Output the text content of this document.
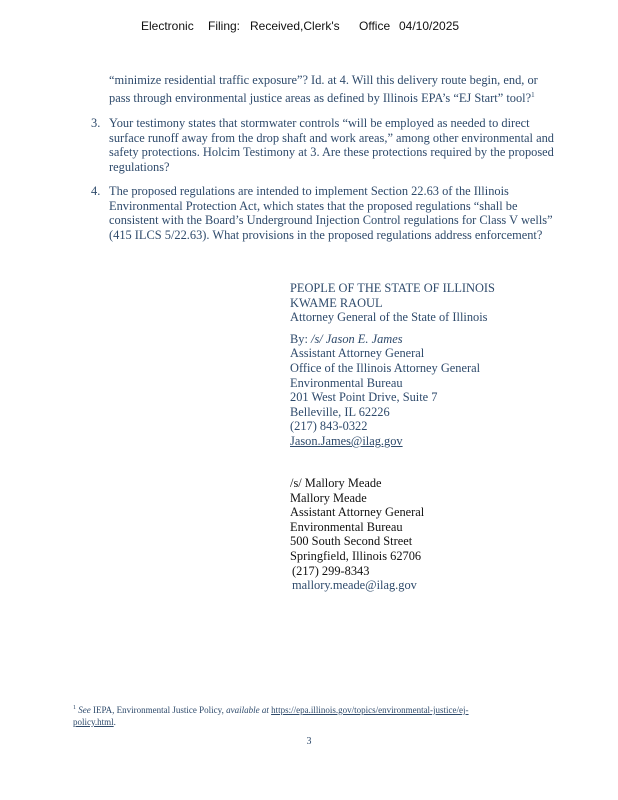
Electronic Filing: Received,Clerk's Office 04/10/2025
“minimize residential traffic exposure”? Id. at 4. Will this delivery route begin, end, or
pass through environmental justice areas as defined by Illinois EPA’s “EJ Start” tool?$^1$
3. Your testimony states that stormwater controls “will be employed as needed to direct
surface runoff away from the drop shaft and work areas,” among other environmental and
safety protections. Holcim Testimony at 3. Are these protections required by the proposed
regulations?
4. The proposed regulations are intended to implement Section 22.63 of the Illinois
Environmental Protection Act, which states that the proposed regulations “shall be
consistent with the Board’s Underground Injection Control regulations for Class V wells”
(415 ILCS 5/22.63). What provisions in the proposed regulations address enforcement?
PEOPLE OF THE STATE OF ILLINOIS
KWAME RAOUL
Attorney General of the State of Illinois
By: /s/ Jason E. James
Assistant Attorney General
Office of the Illinois Attorney General
Environmental Bureau
201 West Point Drive, Suite 7
Belleville, IL 62226
(217) 843-0322
Jason.James@ilag.gov
/s/ Mallory Meade
Mallory Meade
Assistant Attorney General
Environmental Bureau
500 South Second Street
Springfield, Illinois 62706
(217) 299-8343
mallory.meade@ilag.gov
$^1$ See IEPA, Environmental Justice Policy, available at https://epa.illinois.gov/topics/environmental-justice/ej-
policy.html.
3
